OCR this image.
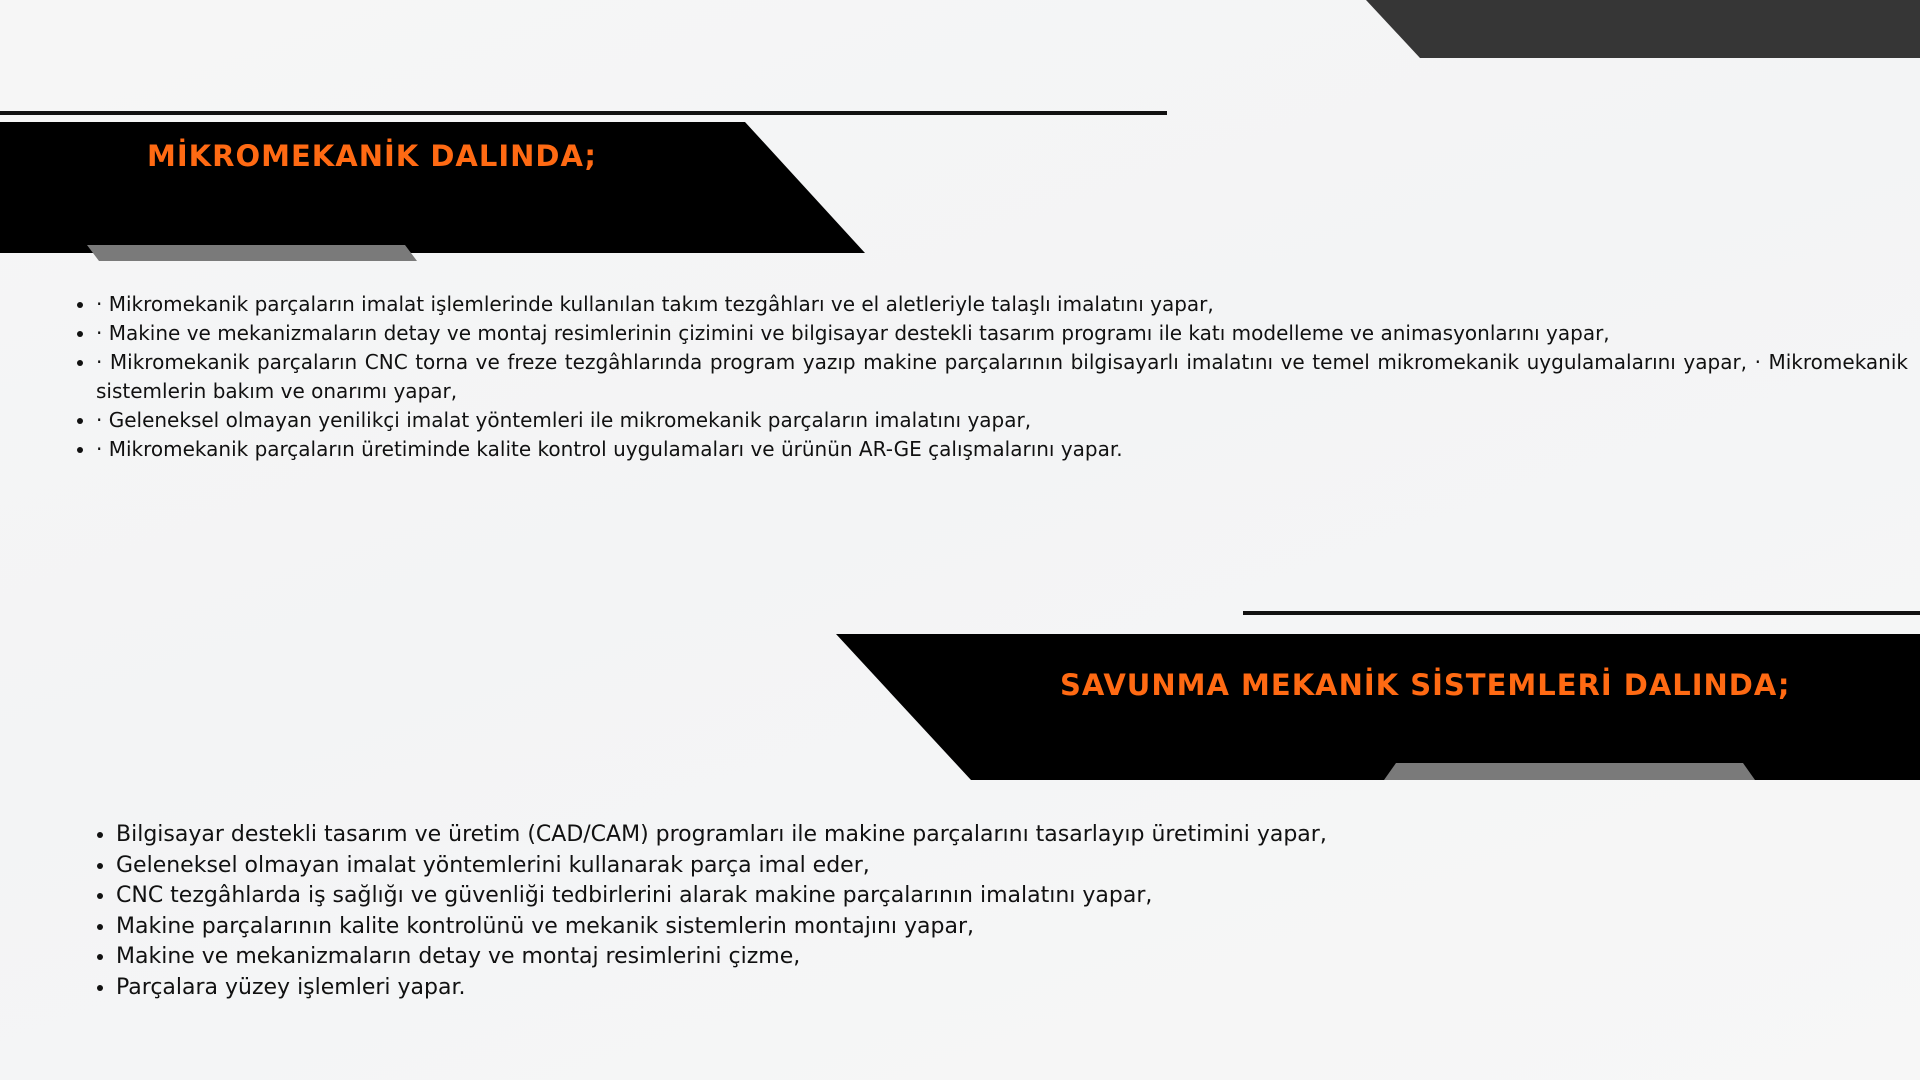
MİKROMEKANİK DALINDA;
• · Mikromekanik parçaların imalat işlemlerinde kullanılan takım tezgâhları ve el aletleriyle talaşlı imalatını yapar,
• · Makine ve mekanizmaların detay ve montaj resimlerinin çizimini ve bilgisayar destekli tasarım programı ile katı modelleme ve animasyonlarını yapar,
• · Mikromekanik parçaların CNC torna ve freze tezgâhlarında program yazıp makine parçalarının bilgisayarlı imalatını ve temel mikromekanik uygulamalarını yapar, · Mikromekanik sistemlerin bakım ve onarımı yapar,
• · Geleneksel olmayan yenilikçi imalat yöntemleri ile mikromekanik parçaların imalatını yapar,
• · Mikromekanik parçaların üretiminde kalite kontrol uygulamaları ve ürünün AR-GE çalışmalarını yapar.
SAVUNMA MEKANİK SİSTEMLERİ DALINDA;
• Bilgisayar destekli tasarım ve üretim (CAD/CAM) programları ile makine parçalarını tasarlayıp üretimini yapar,
• Geleneksel olmayan imalat yöntemlerini kullanarak parça imal eder,
• CNC tezgâhlarda iş sağlığı ve güvenliği tedbirlerini alarak makine parçalarının imalatını yapar,
• Makine parçalarının kalite kontrolünü ve mekanik sistemlerin montajını yapar,
• Makine ve mekanizmaların detay ve montaj resimlerini çizme,
• Parçalara yüzey işlemleri yapar.
